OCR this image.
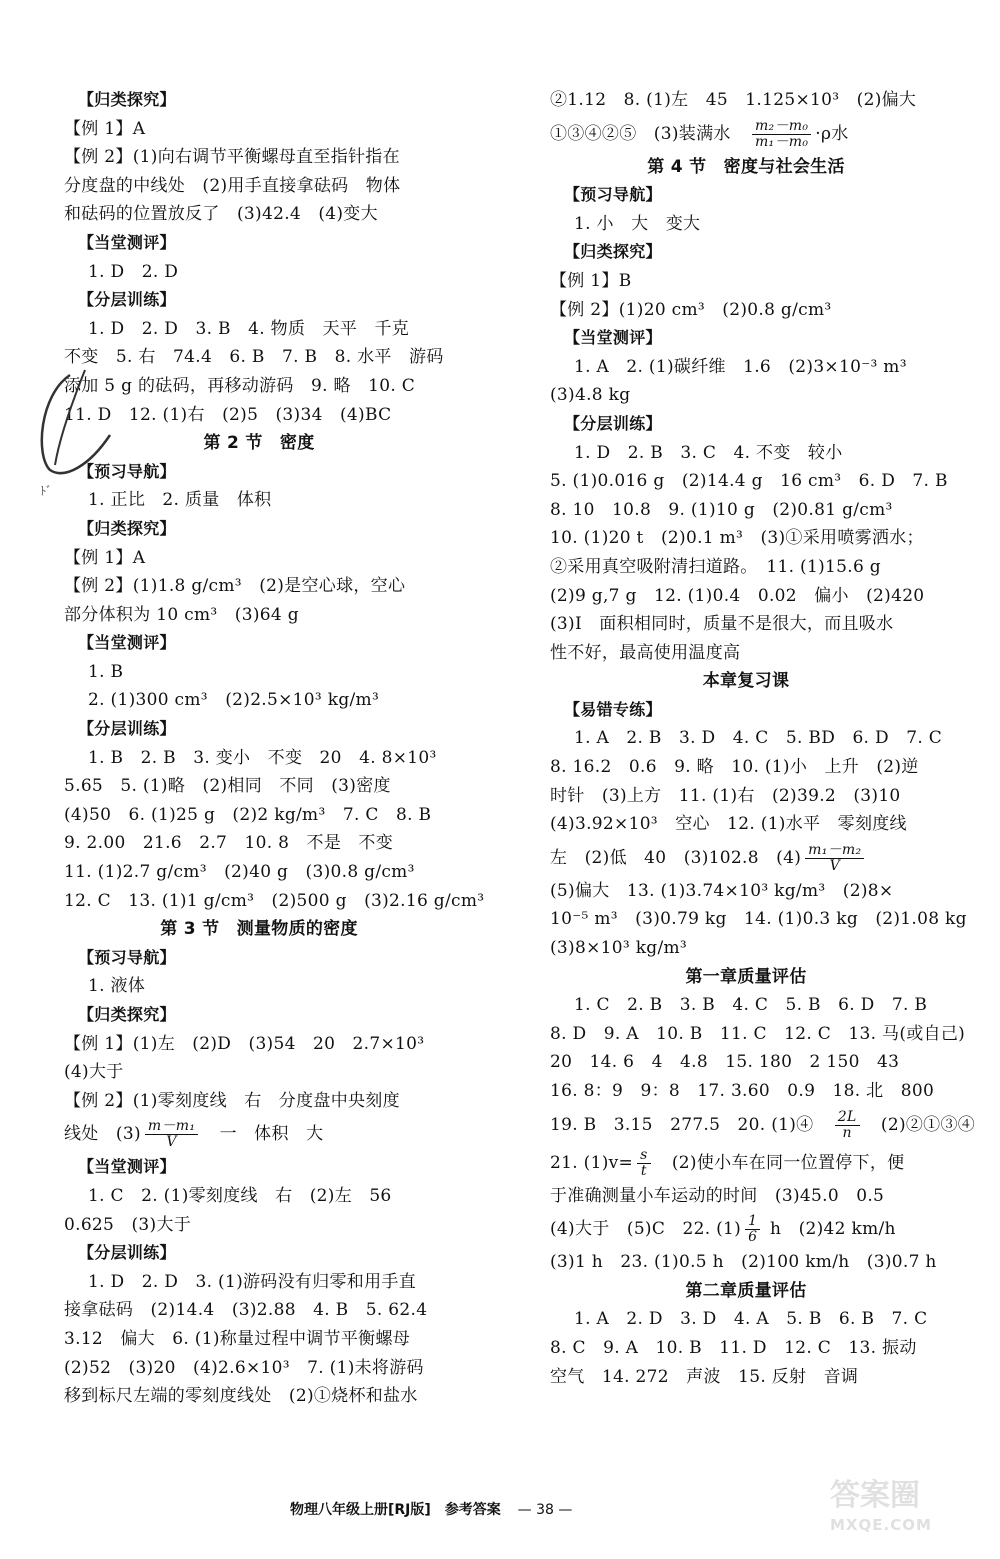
【归类探究】
【例 1】A
【例 2】(1)向右调节平衡螺母直至指针指在
分度盘的中线处　(2)用手直接拿砝码　物体
和砝码的位置放反了　(3)42.4　(4)变大
【当堂测评】
1. D　2. D
【分层训练】
1. D　2. D　3. B　4. 物质　天平　千克
不变　5. 右　74.4　6. B　7. B　8. 水平　游码
添加 5 g 的砝码，再移动游码　9. 略　10. C
11. D　12. (1)右　(2)5　(3)34　(4)BC
第 2 节　密度
【预习导航】
1. 正比　2. 质量　体积
【归类探究】
【例 1】A
【例 2】(1)1.8 g/cm³　(2)是空心球，空心
部分体积为 10 cm³　(3)64 g
【当堂测评】
1. B
2. (1)300 cm³　(2)2.5×10³ kg/m³
【分层训练】
1. B　2. B　3. 变小　不变　20　4. 8×10³
5.65　5. (1)略　(2)相同　不同　(3)密度
(4)50　6. (1)25 g　(2)2 kg/m³　7. C　8. B
9. 2.00　21.6　2.7　10. 8　不是　不变
11. (1)2.7 g/cm³　(2)40 g　(3)0.8 g/cm³
12. C　13. (1)1 g/cm³　(2)500 g　(3)2.16 g/cm³
第 3 节　测量物质的密度
【预习导航】
1. 液体
【归类探究】
【例 1】(1)左　(2)D　(3)54　20　2.7×10³
(4)大于
【例 2】(1)零刻度线　右　分度盘中央刻度
线处　$(3) \frac{\text{m－m₁}}{V}$ 　一　体积　大
【当堂测评】
1. C　2. (1)零刻度线　右　(2)左　56
0.625　(3)大于
【分层训练】
1. D　2. D　3. (1)游码没有归零和用手直
接拿砝码　(2)14.4　(3)2.88　4. B　5. 62.4
3.12　偏大　6. (1)称量过程中调节平衡螺母
(2)52　(3)20　(4)2.6×10³　7. (1)未将游码
移到标尺左端的零刻度线处　(2)①烧杯和盐水
②1.12　8. (1)左　45　1.125×10³　(2)偏大
①③④②⑤　(3)装满水　 $\frac{\text{m₂－m₀}}{\text{m₁－m₀}} \cdot\rho$水
第 4 节　密度与社会生活
【预习导航】
1. 小　大　变大
【归类探究】
【例 1】B
【例 2】(1)20 cm³　(2)0.8 g/cm³
【当堂测评】
1. A　2. (1)碳纤维　1.6　(2)3×10⁻³ m³
(3)4.8 kg
【分层训练】
1. D　2. B　3. C　4. 不变　较小
5. (1)0.016 g　(2)14.4 g　16 cm³　6. D　7. B
8. 10　10.8　9. (1)10 g　(2)0.81 g/cm³
10. (1)20 t　(2)0.1 m³　(3)①采用喷雾洒水；
②采用真空吸附清扫道路。　11. (1)15.6 g
(2)9 g,7 g　12. (1)0.4　0.02　偏小　(2)420
(3)Ⅰ　面积相同时，质量不是很大，而且吸水
性不好，最高使用温度高
本章复习课
【易错专练】
1. A　2. B　3. D　4. C　5. BD　6. D　7. C
8. 16.2　0.6　9. 略　10. (1)小　上升　(2)逆
时针　(3)上方　11. (1)右　(2)39.2　(3)10
(4)3.92×10³　空心　12. (1)水平　零刻度线
左　(2)低　40　(3)102.8　$(4) \frac{\text{m₁－m₂}}{V}$
(5)偏大　13. (1)3.74×10³ kg/m³　(2)8×
10⁻⁵ m³　(3)0.79 kg　14. (1)0.3 kg　(2)1.08 kg
(3)8×10³ kg/m³
第一章质量评估
1. C　2. B　3. B　4. C　5. B　6. D　7. B
8. D　9. A　10. B　11. C　12. C　13. 马(或自己)
20　14. 6　4　4.8　15. 180　2 150　43
16. 8：9　9：8　17. 3.60　0.9　18. 北　800
19. B　3.15　277.5　20. (1)④　 $\frac{2L}{n}$ 　(2)②①③④
21. $(1)v= \frac{s}{t}$ 　(2)使小车在同一位置停下，便
于准确测量小车运动的时间　(3)45.0　0.5
(4)大于　(5)C　22. $(1) \frac{1}{6}$ h　(2)42 km/h
(3)1 h　23. (1)0.5 h　(2)100 km/h　(3)0.7 h
第二章质量评估
1. A　2. D　3. D　4. A　5. B　6. B　7. C
8. C　9. A　10. B　11. D　12. C　13. 振动
空气　14. 272　声波　15. 反射　音调
ﾄﾞ
物理八年级上册[RJ版]　参考答案 — 38 —	答案圈
MXQE.COM
